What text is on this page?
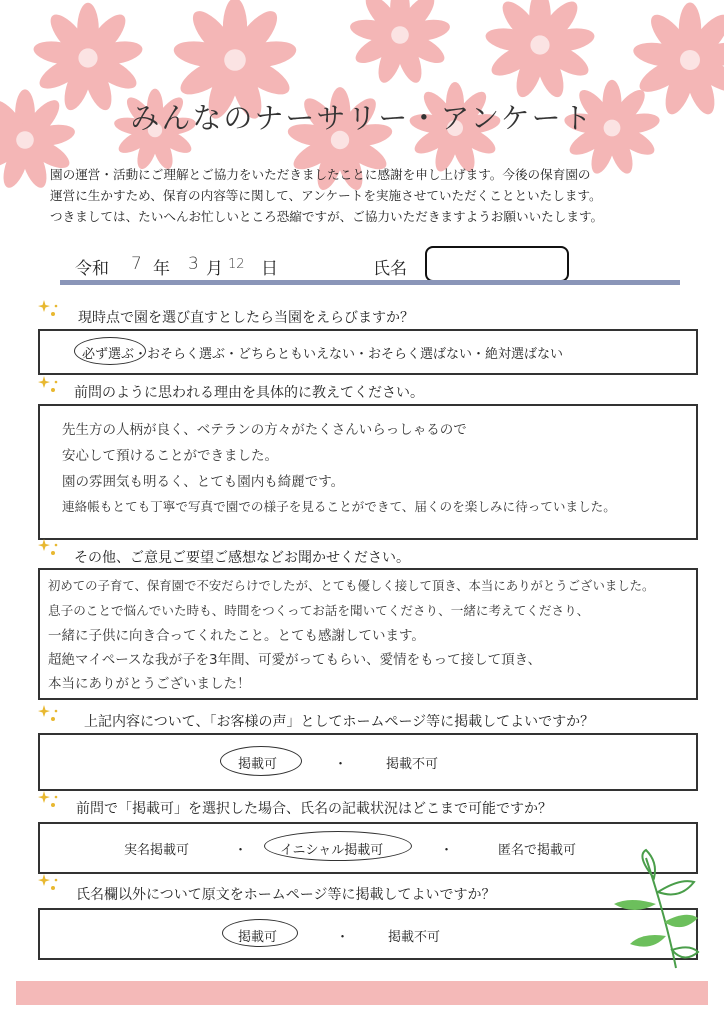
みんなのナーサリー・アンケート

園の運営・活動にご理解とご協力をいただきましたことに感謝を申し上げます。今後の保育園の

運営に生かすため、保育の内容等に関して、アンケートを実施させていただくことといたします。

つきましては、たいへんお忙しいところ恐縮ですが、ご協力いただきますようお願いいたします。

令和 7 年 3 月 12 日	氏名
現時点で園を選び直すとしたら当園をえらびますか？
必ず選ぶ・おそらく選ぶ・どちらともいえない・おそらく選ばない・絶対選ばない
前問のように思われる理由を具体的に教えてください。
先生方の人柄が良く、ベテランの方々がたくさんいらっしゃるので
安心して預けることができました。
園の雰囲気も明るく、とても園内も綺麗です。
連絡帳もとても丁寧で写真で園での様子を見ることができて、届くのを楽しみに待っていました。
その他、ご意見ご要望ご感想などお聞かせください。
初めての子育て、保育園で不安だらけでしたが、とても優しく接して頂き、本当にありがとうございました。
息子のことで悩んでいた時も、時間をつくってお話を聞いてくださり、一緒に考えてくださり、
一緒に子供に向き合ってくれたこと。とても感謝しています。
超絶マイペースな我が子を3年間、可愛がってもらい、愛情をもって接して頂き、
本当にありがとうございました！
上記内容について、「お客様の声」としてホームページ等に掲載してよいですか？
掲載可	・	掲載不可
前問で「掲載可」を選択した場合、氏名の記載状況はどこまで可能ですか？
実名掲載可	・	イニシャル掲載可	・	匿名で掲載可
氏名欄以外について原文をホームページ等に掲載してよいですか？
掲載可	・	掲載不可
